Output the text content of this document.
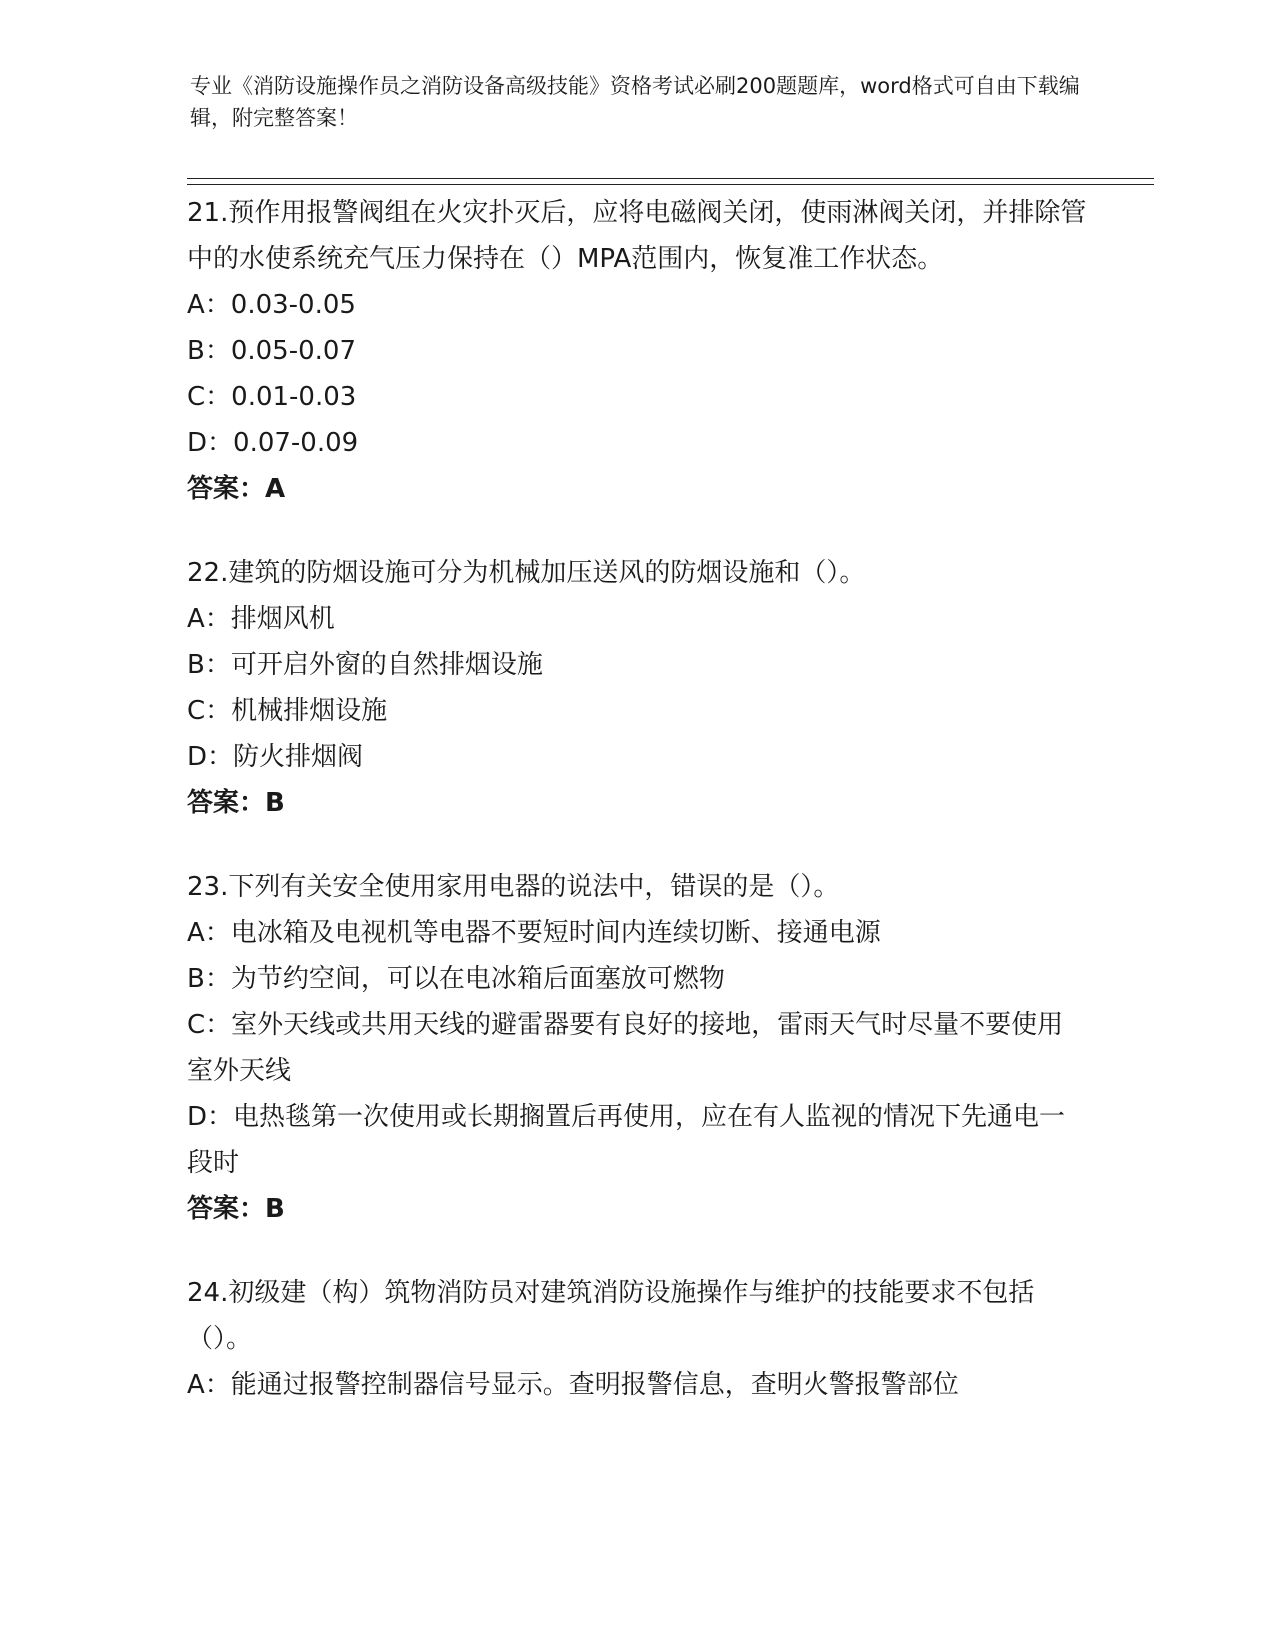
专业《消防设施操作员之消防设备高级技能》资格考试必刷200题题库，word格式可自由下载编辑，附完整答案！

21.预作用报警阀组在火灾扑灭后，应将电磁阀关闭，使雨淋阀关闭，并排除管中的水使系统充气压力保持在（）MPA范围内，恢复准工作状态。

A：0.03-0.05

B：0.05-0.07

C：0.01-0.03

D：0.07-0.09

答案：A

22.建筑的防烟设施可分为机械加压送风的防烟设施和（）。

A：排烟风机

B：可开启外窗的自然排烟设施

C：机械排烟设施

D：防火排烟阀

答案：B

23.下列有关安全使用家用电器的说法中，错误的是（）。

A：电冰箱及电视机等电器不要短时间内连续切断、接通电源

B：为节约空间，可以在电冰箱后面塞放可燃物

C：室外天线或共用天线的避雷器要有良好的接地，雷雨天气时尽量不要使用室外天线

D：电热毯第一次使用或长期搁置后再使用，应在有人监视的情况下先通电一段时

答案：B

24.初级建（构）筑物消防员对建筑消防设施操作与维护的技能要求不包括（）。

A：能通过报警控制器信号显示。查明报警信息，查明火警报警部位
